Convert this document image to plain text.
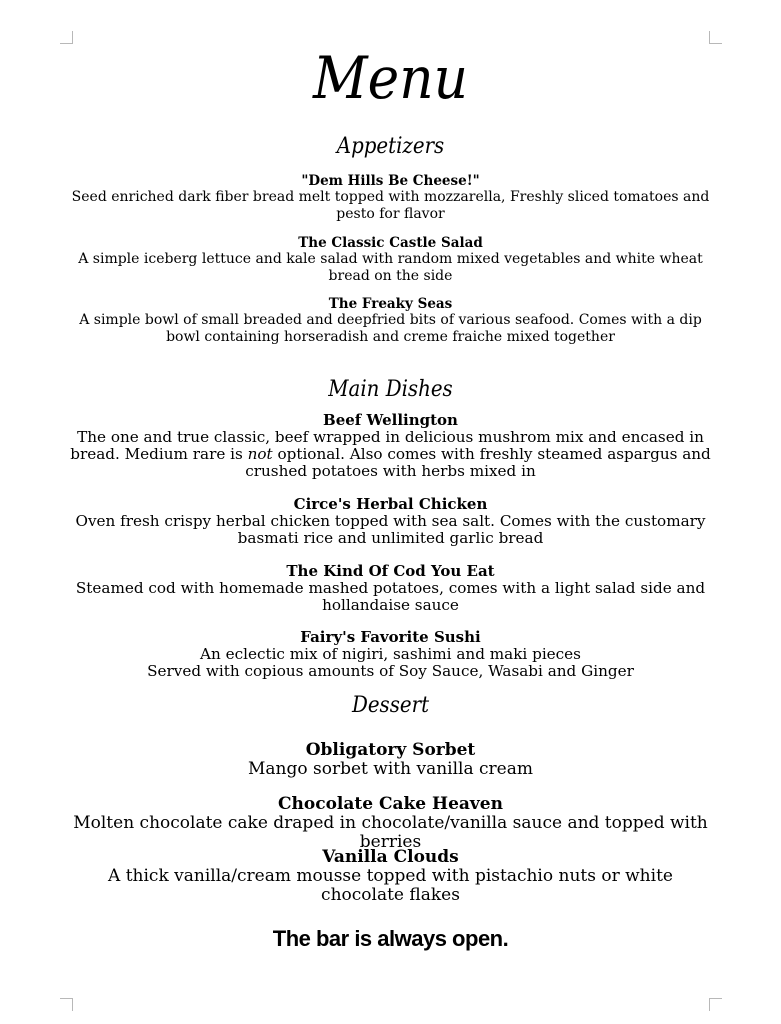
Menu
Appetizers
"Dem Hills Be Cheese!"
Seed enriched dark fiber bread melt topped with mozzarella, Freshly sliced tomatoes and pesto for flavor
The Classic Castle Salad
A simple iceberg lettuce and kale salad with random mixed vegetables and white wheat bread on the side
The Freaky Seas
A simple bowl of small breaded and deepfried bits of various seafood. Comes with a dip bowl containing horseradish and creme fraiche mixed together
Main Dishes
Beef Wellington
The one and true classic, beef wrapped in delicious mushrom mix and encased in bread. Medium rare is not optional. Also comes with freshly steamed aspargus and crushed potatoes with herbs mixed in
Circe's Herbal Chicken
Oven fresh crispy herbal chicken topped with sea salt. Comes with the customary basmati rice and unlimited garlic bread
The Kind Of Cod You Eat
Steamed cod with homemade mashed potatoes, comes with a light salad side and hollandaise sauce
Fairy's Favorite Sushi
An eclectic mix of nigiri, sashimi and maki pieces
Served with copious amounts of Soy Sauce, Wasabi and Ginger
Dessert
Obligatory Sorbet
Mango sorbet with vanilla cream
Chocolate Cake Heaven
Molten chocolate cake draped in chocolate/vanilla sauce and topped with berries
Vanilla Clouds
A thick vanilla/cream mousse topped with pistachio nuts or white chocolate flakes
The bar is always open.
